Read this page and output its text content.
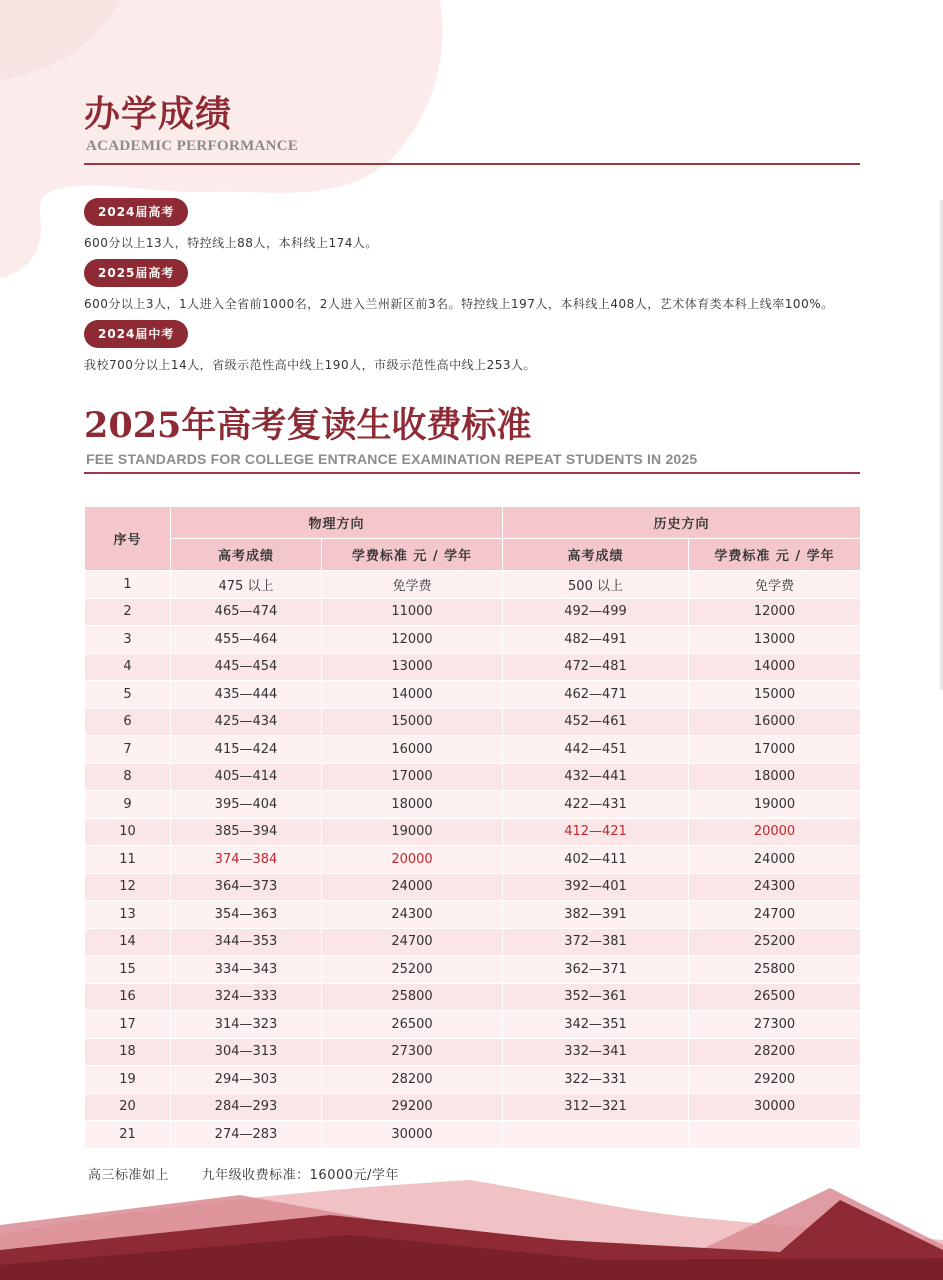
办学成绩
ACADEMIC PERFORMANCE
2024届高考
600分以上13人，特控线上88人，本科线上174人。
2025届高考
600分以上3人，1人进入全省前1000名，2人进入兰州新区前3名。特控线上197人，本科线上408人，艺术体育类本科上线率100%。
2024届中考
我校700分以上14人，省级示范性高中线上190人，市级示范性高中线上253人。
2025年高考复读生收费标准
FEE STANDARDS FOR COLLEGE ENTRANCE EXAMINATION REPEAT STUDENTS IN 2025
序号	物理方向		历史方向	
	高考成绩	学费标准 元 / 学年	高考成绩	学费标准 元 / 学年
1	475 以上	免学费	500 以上	免学费
2	465—474	11000	492—499	12000
3	455—464	12000	482—491	13000
4	445—454	13000	472—481	14000
5	435—444	14000	462—471	15000
6	425—434	15000	452—461	16000
7	415—424	16000	442—451	17000
8	405—414	17000	432—441	18000
9	395—404	18000	422—431	19000
10	385—394	19000	412—421	20000
11	374—384	20000	402—411	24000
12	364—373	24000	392—401	24300
13	354—363	24300	382—391	24700
14	344—353	24700	372—381	25200
15	334—343	25200	362—371	25800
16	324—333	25800	352—361	26500
17	314—323	26500	342—351	27300
18	304—313	27300	332—341	28200
19	294—303	28200	322—331	29200
20	284—293	29200	312—321	30000
21	274—283	30000		
高三标准如上	九年级收费标准：16000元/学年
